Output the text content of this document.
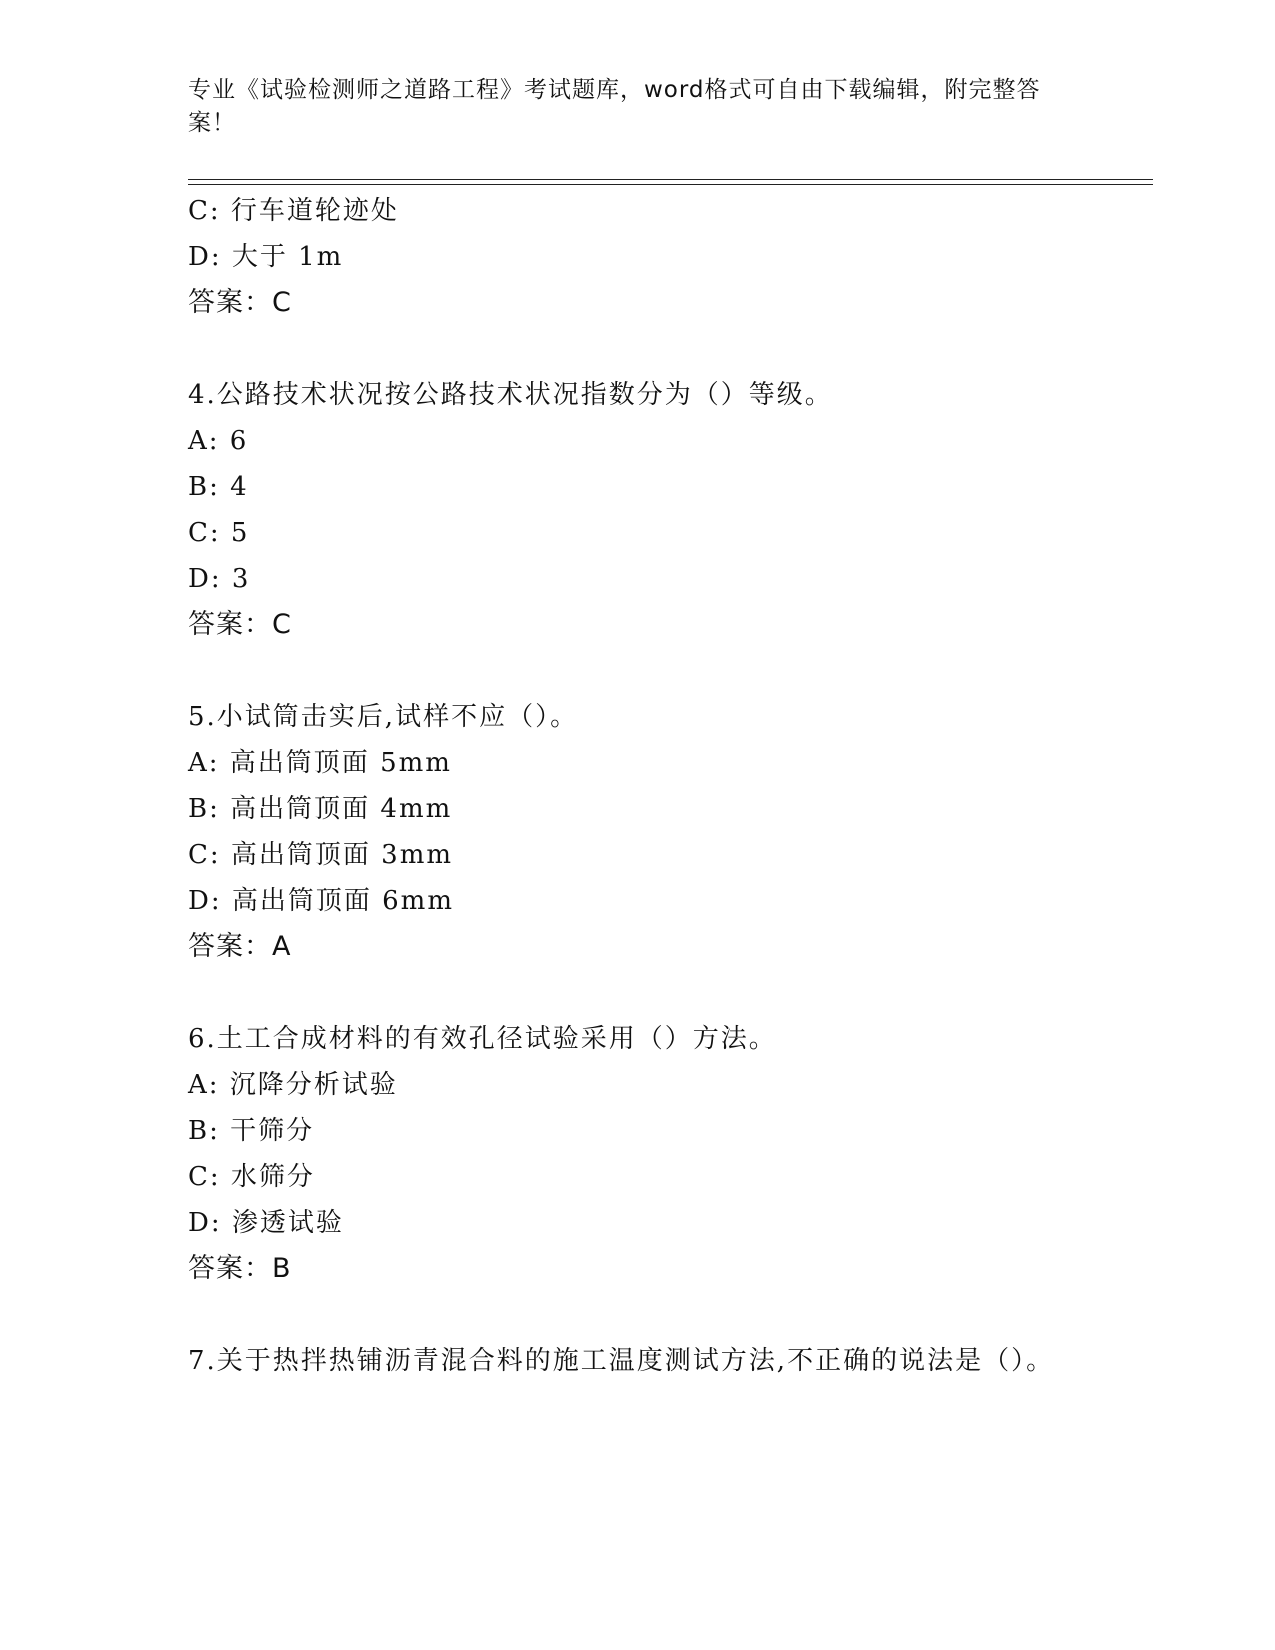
专业《试验检测师之道路工程》考试题库，word格式可自由下载编辑，附完整答案！
C: 行车道轮迹处
D: 大于 1m
答案：C
4.公路技术状况按公路技术状况指数分为（）等级。
A: 6
B: 4
C: 5
D: 3
答案：C
5.小试筒击实后,试样不应（）。
A: 高出筒顶面 5mm
B: 高出筒顶面 4mm
C: 高出筒顶面 3mm
D: 高出筒顶面 6mm
答案：A
6.土工合成材料的有效孔径试验采用（）方法。
A: 沉降分析试验
B: 干筛分
C: 水筛分
D: 渗透试验
答案：B
7.关于热拌热铺沥青混合料的施工温度测试方法,不正确的说法是（）。
